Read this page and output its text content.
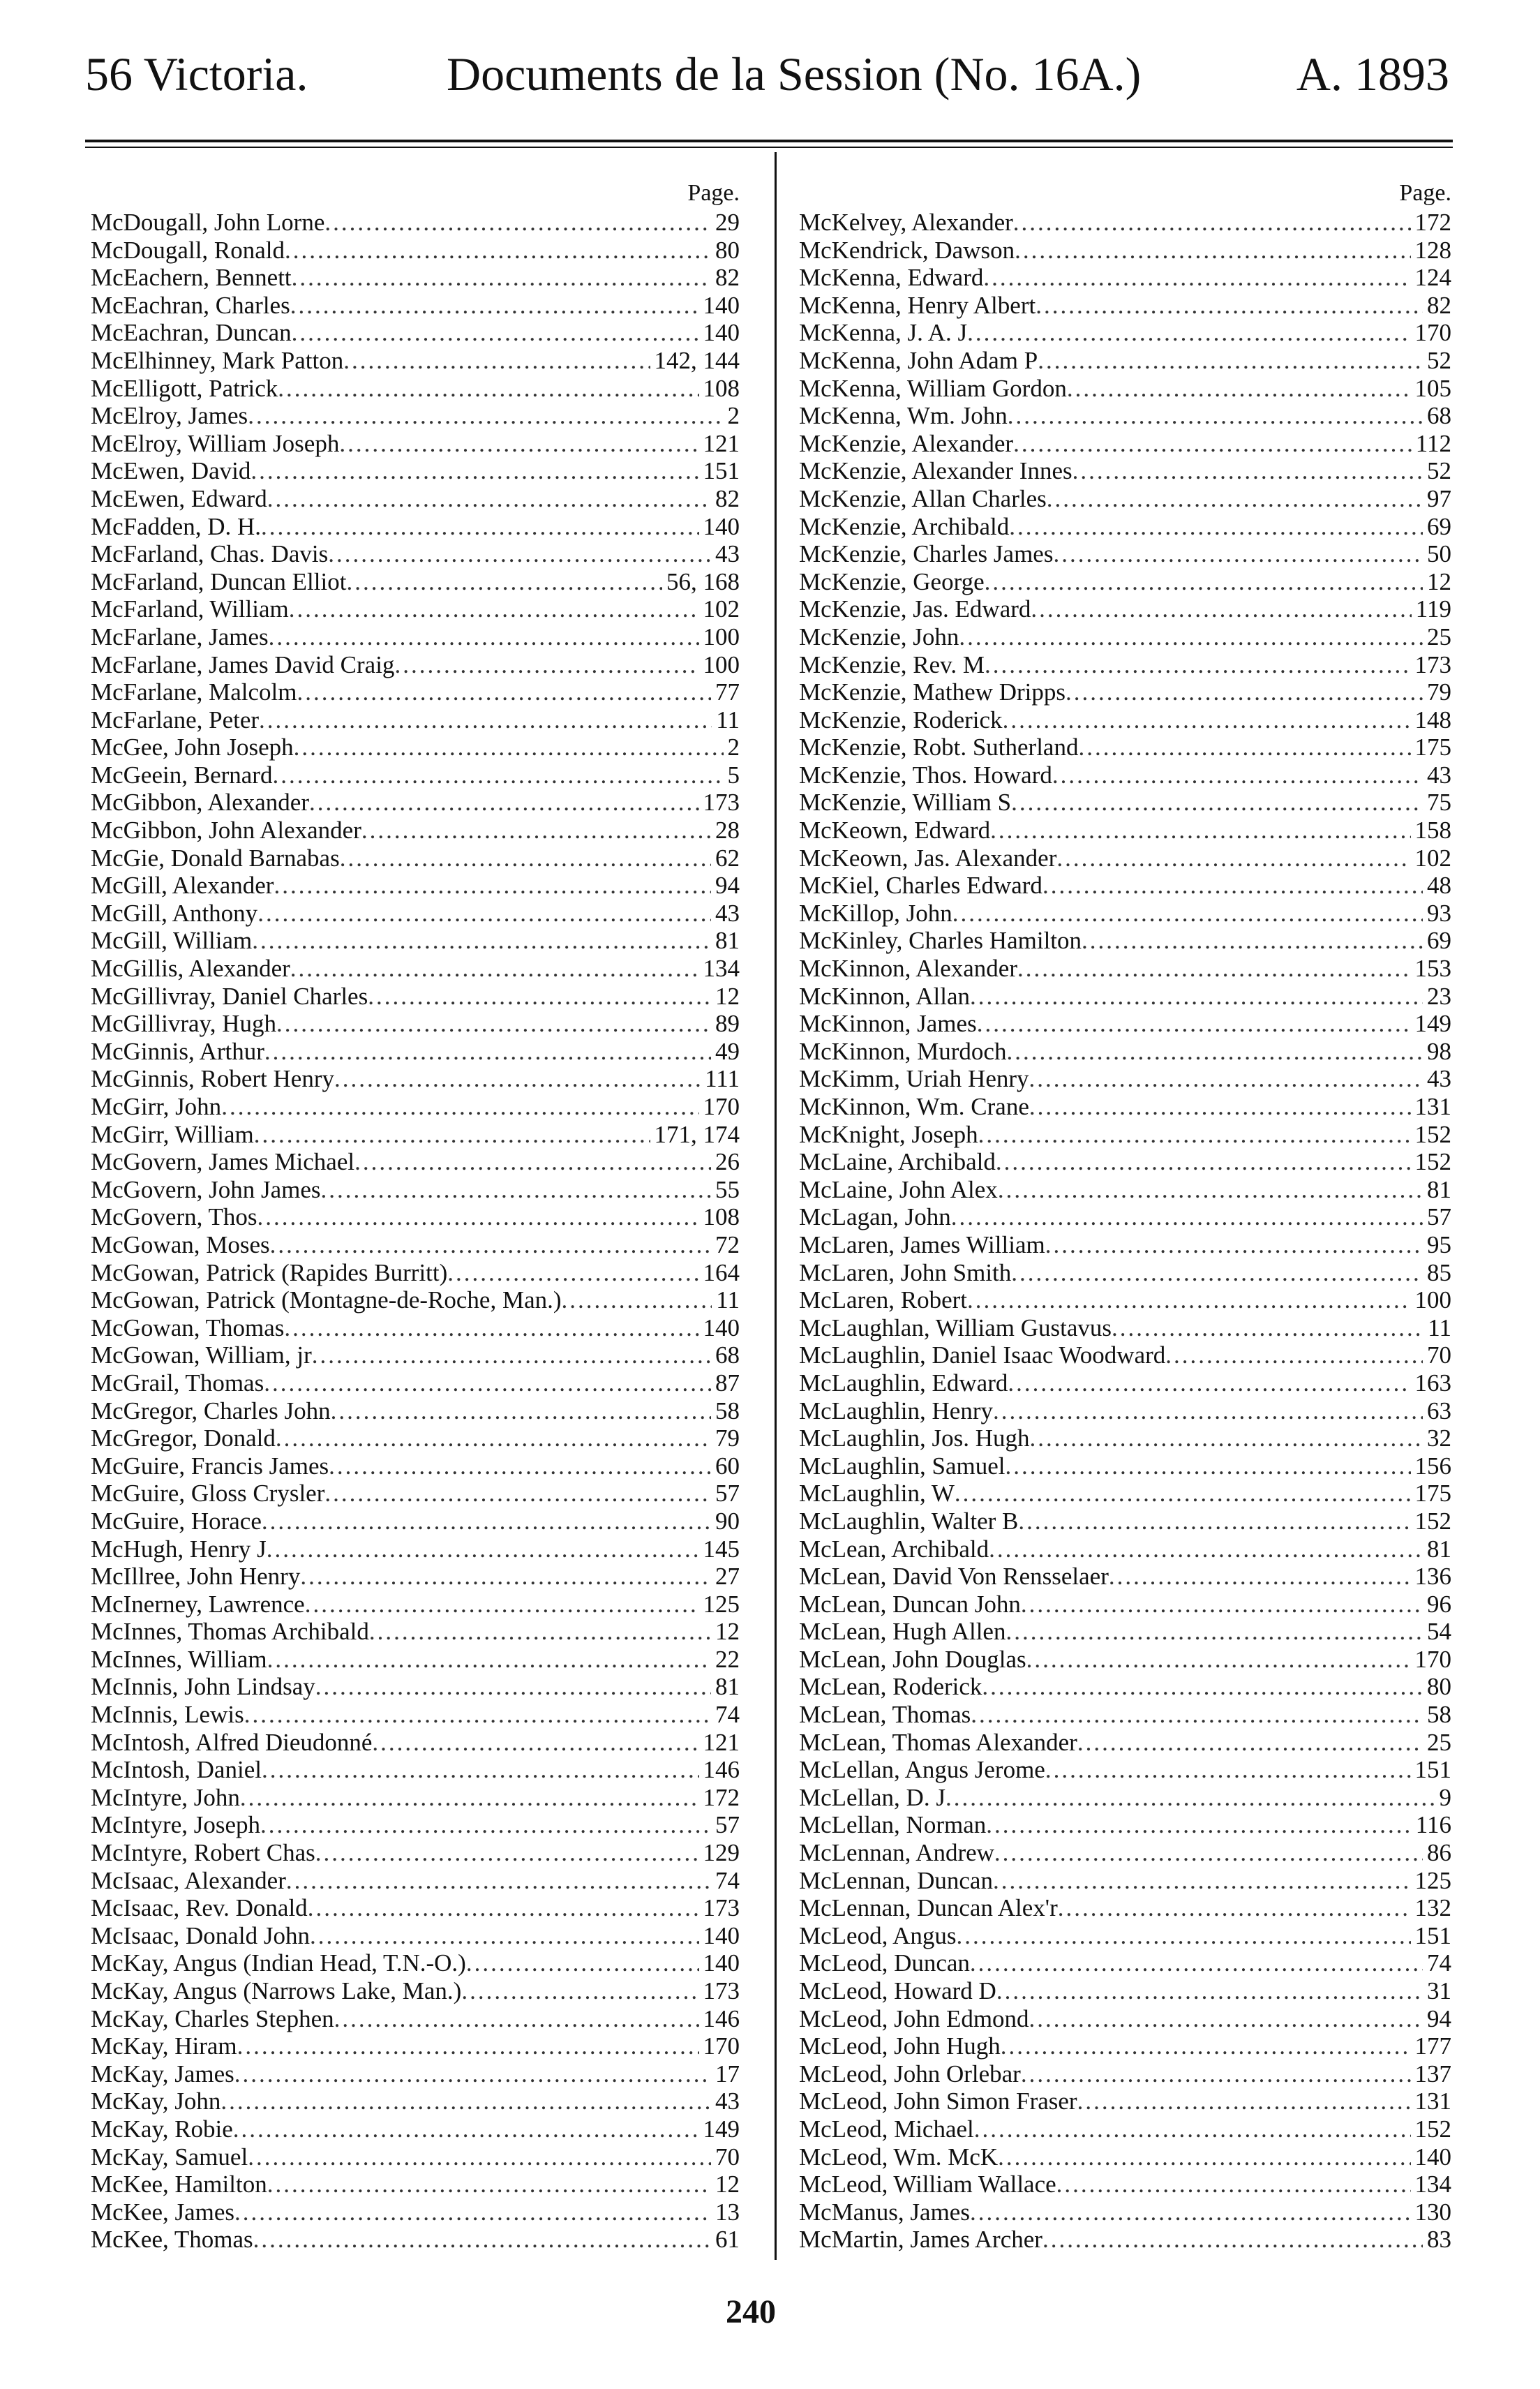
56 Victoria.	Documents de la Session (No. 16A.)	A. 1893
Page.
McDougall, John Lorne .....	29
McDougall, Ronald .....	80
McEachern, Bennett .....	82
McEachran, Charles .....	140
McEachran, Duncan .....	140
McElhinney, Mark Patton .....	142, 144
McElligott, Patrick .....	108
McElroy, James .....	2
McElroy, William Joseph .....	121
McEwen, David .....	151
McEwen, Edward .....	82
McFadden, D. H. .....	140
McFarland, Chas. Davis .....	43
McFarland, Duncan Elliot .....	56, 168
McFarland, William .....	102
McFarlane, James .....	100
McFarlane, James David Craig .....	100
McFarlane, Malcolm .....	77
McFarlane, Peter .....	11
McGee, John Joseph .....	2
McGeein, Bernard .....	5
McGibbon, Alexander .....	173
McGibbon, John Alexander .....	28
McGie, Donald Barnabas .....	62
McGill, Alexander .....	94
McGill, Anthony .....	43
McGill, William .....	81
McGillis, Alexander .....	134
McGillivray, Daniel Charles .....	12
McGillivray, Hugh .....	89
McGinnis, Arthur .....	49
McGinnis, Robert Henry .....	111
McGirr, John .....	170
McGirr, William .....	171, 174
McGovern, James Michael .....	26
McGovern, John James .....	55
McGovern, Thos .....	108
McGowan, Moses .....	72
McGowan, Patrick (Rapides Burritt) .....	164
McGowan, Patrick (Montagne-de-Roche, Man.) .....	11
McGowan, Thomas .....	140
McGowan, William, jr .....	68
McGrail, Thomas .....	87
McGregor, Charles John .....	58
McGregor, Donald .....	79
McGuire, Francis James .....	60
McGuire, Gloss Crysler .....	57
McGuire, Horace .....	90
McHugh, Henry J .....	145
McIllree, John Henry .....	27
McInerney, Lawrence .....	125
McInnes, Thomas Archibald .....	12
McInnes, William .....	22
McInnis, John Lindsay .....	81
McInnis, Lewis .....	74
McIntosh, Alfred Dieudonné .....	121
McIntosh, Daniel .....	146
McIntyre, John .....	172
McIntyre, Joseph .....	57
McIntyre, Robert Chas .....	129
McIsaac, Alexander .....	74
McIsaac, Rev. Donald .....	173
McIsaac, Donald John .....	140
McKay, Angus (Indian Head, T.N.-O.) .....	140
McKay, Angus (Narrows Lake, Man.) .....	173
McKay, Charles Stephen .....	146
McKay, Hiram .....	170
McKay, James .....	17
McKay, John .....	43
McKay, Robie .....	149
McKay, Samuel .....	70
McKee, Hamilton .....	12
McKee, James .....	13
McKee, Thomas .....	61
Page.
McKelvey, Alexander .....	172
McKendrick, Dawson .....	128
McKenna, Edward .....	124
McKenna, Henry Albert .....	82
McKenna, J. A. J .....	170
McKenna, John Adam P .....	52
McKenna, William Gordon .....	105
McKenna, Wm. John .....	68
McKenzie, Alexander .....	112
McKenzie, Alexander Innes .....	52
McKenzie, Allan Charles .....	97
McKenzie, Archibald .....	69
McKenzie, Charles James .....	50
McKenzie, George .....	12
McKenzie, Jas. Edward .....	119
McKenzie, John .....	25
McKenzie, Rev. M .....	173
McKenzie, Mathew Dripps .....	79
McKenzie, Roderick .....	148
McKenzie, Robt. Sutherland .....	175
McKenzie, Thos. Howard .....	43
McKenzie, William S .....	75
McKeown, Edward .....	158
McKeown, Jas. Alexander .....	102
McKiel, Charles Edward .....	48
McKillop, John .....	93
McKinley, Charles Hamilton .....	69
McKinnon, Alexander .....	153
McKinnon, Allan .....	23
McKinnon, James .....	149
McKinnon, Murdoch .....	98
McKimm, Uriah Henry .....	43
McKinnon, Wm. Crane .....	131
McKnight, Joseph .....	152
McLaine, Archibald .....	152
McLaine, John Alex .....	81
McLagan, John .....	57
McLaren, James William .....	95
McLaren, John Smith .....	85
McLaren, Robert .....	100
McLaughlan, William Gustavus .....	11
McLaughlin, Daniel Isaac Woodward .....	70
McLaughlin, Edward .....	163
McLaughlin, Henry .....	63
McLaughlin, Jos. Hugh .....	32
McLaughlin, Samuel .....	156
McLaughlin, W .....	175
McLaughlin, Walter B .....	152
McLean, Archibald .....	81
McLean, David Von Rensselaer .....	136
McLean, Duncan John .....	96
McLean, Hugh Allen .....	54
McLean, John Douglas .....	170
McLean, Roderick .....	80
McLean, Thomas .....	58
McLean, Thomas Alexander .....	25
McLellan, Angus Jerome .....	151
McLellan, D. J .....	9
McLellan, Norman .....	116
McLennan, Andrew .....	86
McLennan, Duncan .....	125
McLennan, Duncan Alex'r .....	132
McLeod, Angus .....	151
McLeod, Duncan .....	74
McLeod, Howard D .....	31
McLeod, John Edmond .....	94
McLeod, John Hugh .....	177
McLeod, John Orlebar .....	137
McLeod, John Simon Fraser .....	131
McLeod, Michael .....	152
McLeod, Wm. McK .....	140
McLeod, William Wallace .....	134
McManus, James .....	130
McMartin, James Archer .....	83
240
